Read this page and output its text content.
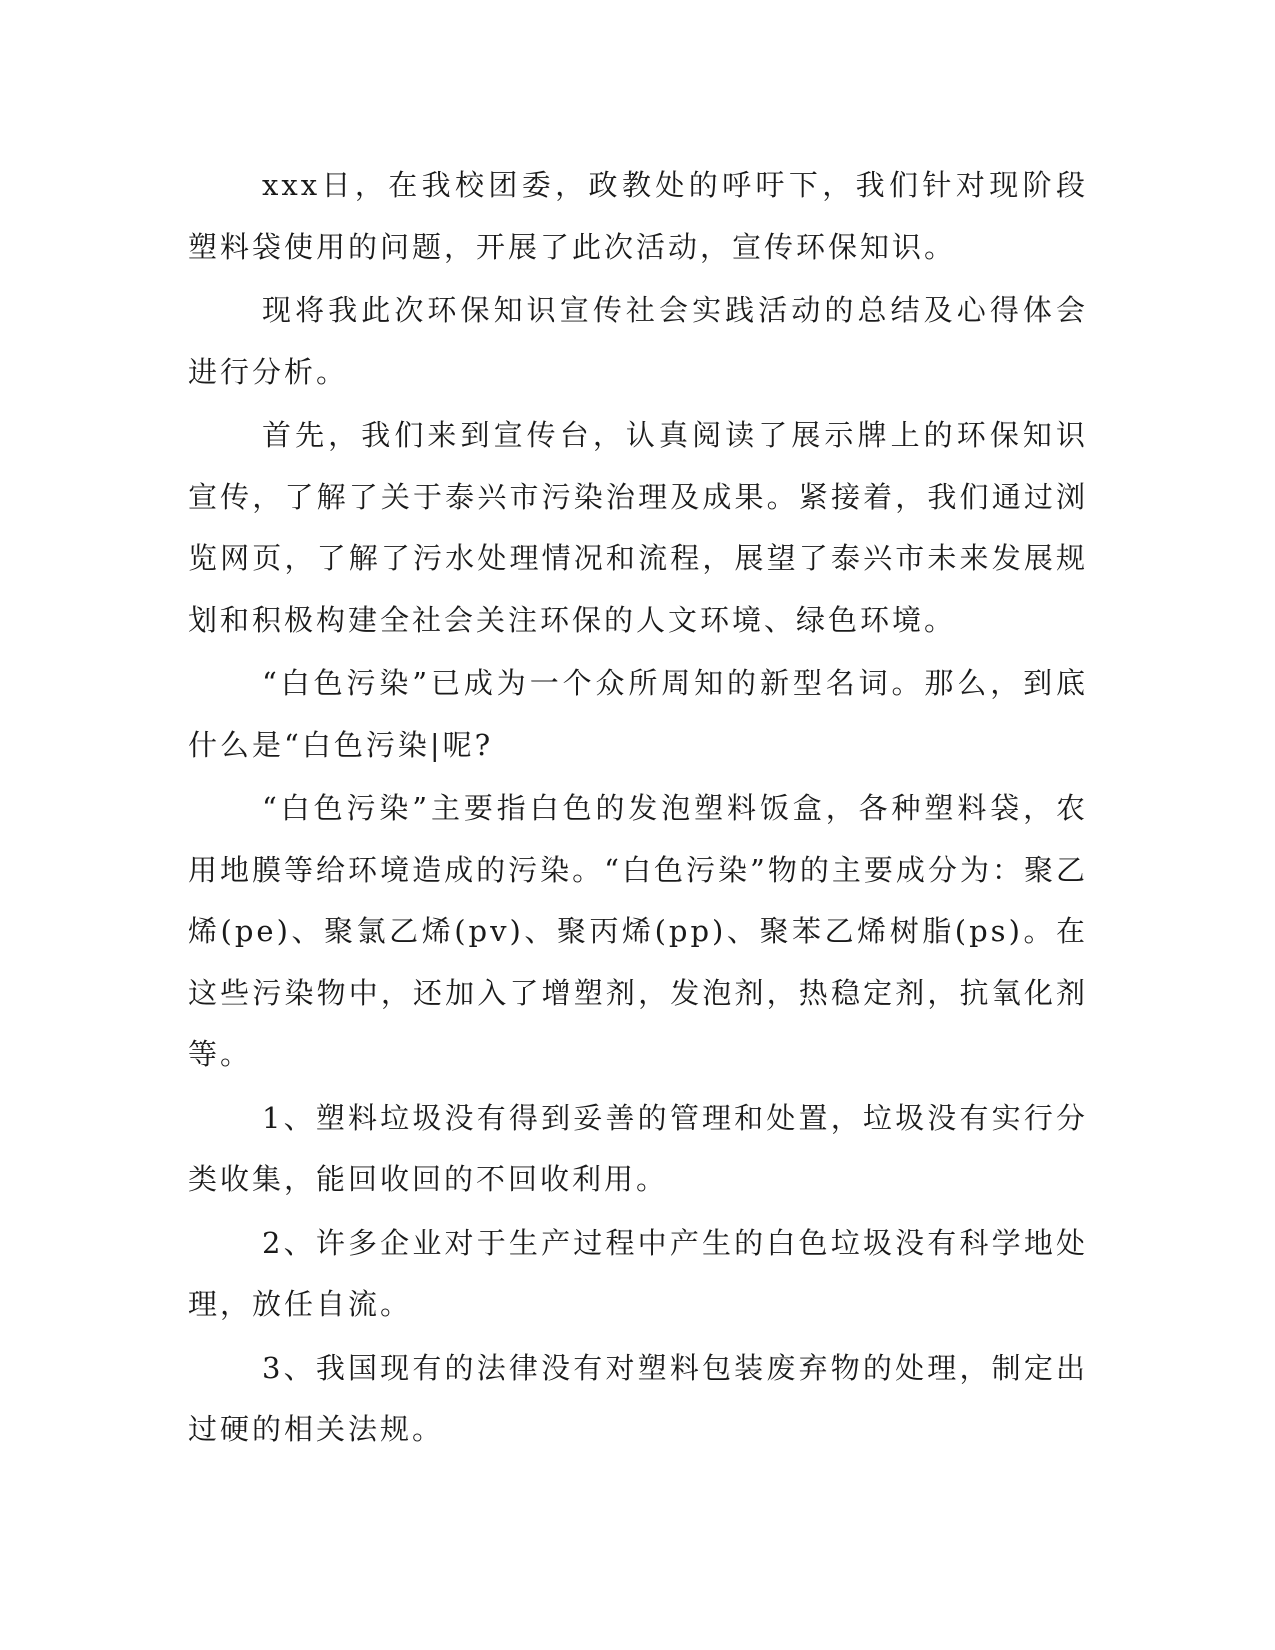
xxx日，在我校团委，政教处的呼吁下，我们针对现阶段塑料袋使用的问题，开展了此次活动，宣传环保知识。

现将我此次环保知识宣传社会实践活动的总结及心得体会进行分析。

首先，我们来到宣传台，认真阅读了展示牌上的环保知识宣传，了解了关于泰兴市污染治理及成果。紧接着，我们通过浏览网页，了解了污水处理情况和流程，展望了泰兴市未来发展规划和积极构建全社会关注环保的人文环境、绿色环境。

“白色污染”已成为一个众所周知的新型名词。那么，到底什么是“白色污染|呢?

“白色污染”主要指白色的发泡塑料饭盒，各种塑料袋，农用地膜等给环境造成的污染。“白色污染”物的主要成分为：聚乙烯(pe)、聚氯乙烯(pv)、聚丙烯(pp)、聚苯乙烯树脂(ps)。在这些污染物中，还加入了增塑剂，发泡剂，热稳定剂，抗氧化剂等。

1、塑料垃圾没有得到妥善的管理和处置，垃圾没有实行分类收集，能回收回的不回收利用。

2、许多企业对于生产过程中产生的白色垃圾没有科学地处理，放任自流。

3、我国现有的法律没有对塑料包装废弃物的处理，制定出过硬的相关法规。
